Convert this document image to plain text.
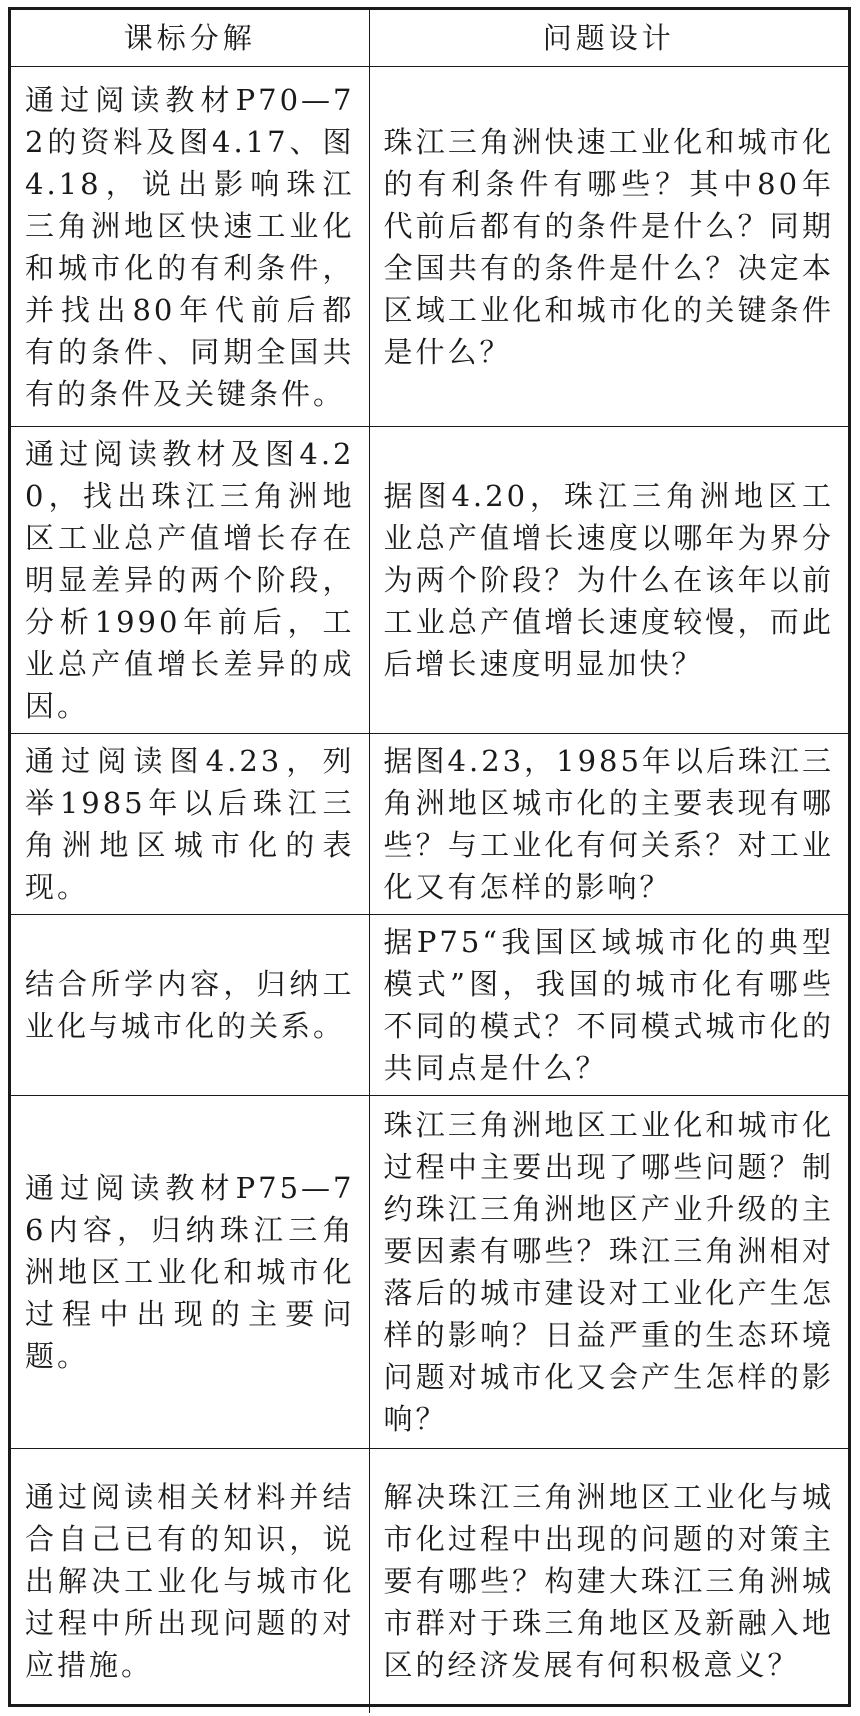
课标分解	问题设计
通过阅读教材P70—72的资料及图4.17、图4.18，说出影响珠江三角洲地区快速工业化和城市化的有利条件，并找出80年代前后都有的条件、同期全国共有的条件及关键条件。	珠江三角洲快速工业化和城市化的有利条件有哪些？其中80年代前后都有的条件是什么？同期全国共有的条件是什么？决定本区域工业化和城市化的关键条件是什么？
通过阅读教材及图4.20，找出珠江三角洲地区工业总产值增长存在明显差异的两个阶段，分析1990年前后，工业总产值增长差异的成因。	据图4.20，珠江三角洲地区工业总产值增长速度以哪年为界分为两个阶段？为什么在该年以前工业总产值增长速度较慢，而此后增长速度明显加快？
通过阅读图4.23，列举1985年以后珠江三角洲地区城市化的表现。	据图4.23，1985年以后珠江三角洲地区城市化的主要表现有哪些？与工业化有何关系？对工业化又有怎样的影响？
结合所学内容，归纳工业化与城市化的关系。	据P75“我国区域城市化的典型模式”图，我国的城市化有哪些不同的模式？不同模式城市化的共同点是什么？
通过阅读教材P75—76内容，归纳珠江三角洲地区工业化和城市化过程中出现的主要问题。	珠江三角洲地区工业化和城市化过程中主要出现了哪些问题？制约珠江三角洲地区产业升级的主要因素有哪些？珠江三角洲相对落后的城市建设对工业化产生怎样的影响？日益严重的生态环境问题对城市化又会产生怎样的影响？
通过阅读相关材料并结合自己已有的知识，说出解决工业化与城市化过程中所出现问题的对应措施。	解决珠江三角洲地区工业化与城市化过程中出现的问题的对策主要有哪些？构建大珠江三角洲城市群对于珠三角地区及新融入地区的经济发展有何积极意义？
